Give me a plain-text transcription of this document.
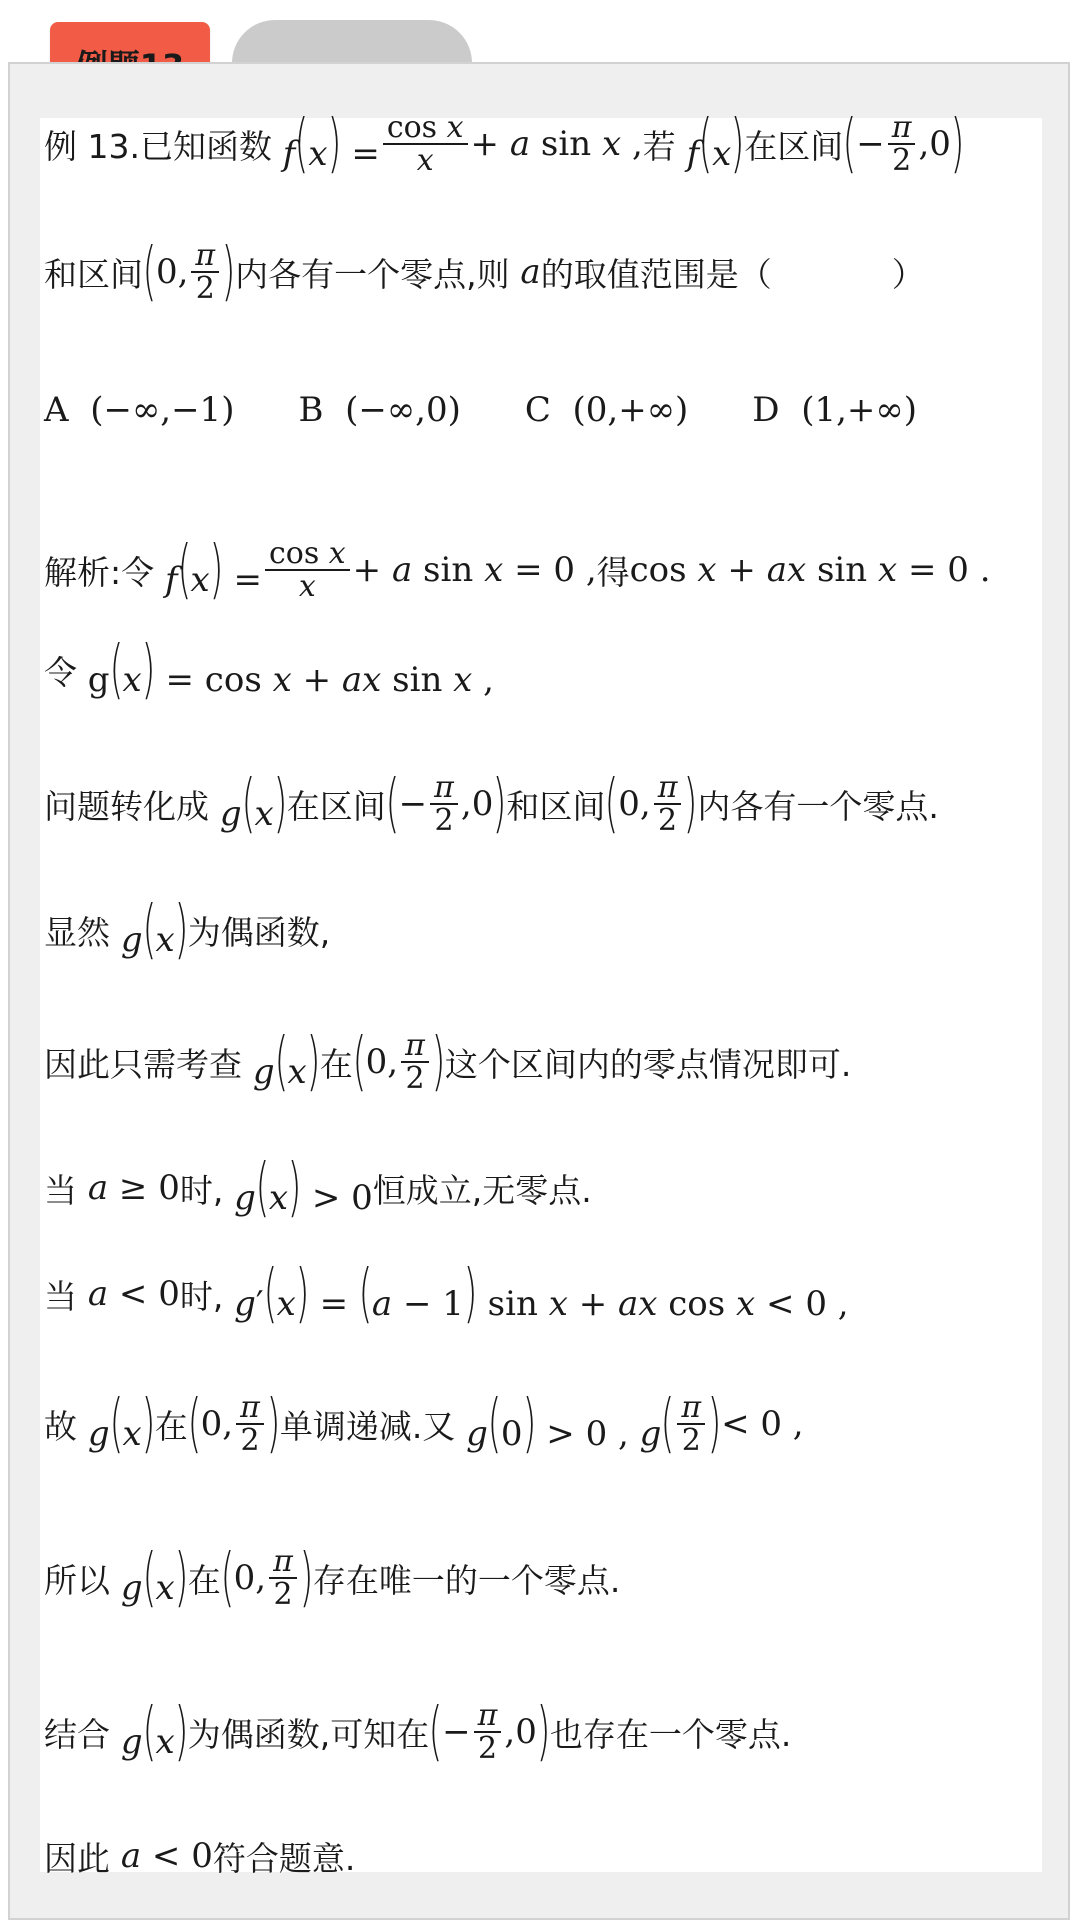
例 13.已知函数 $f(x) = \frac{\text{cos x}}{x} + a$ sin x , 若 f(x) 在区间 ( − $\frac{\pi}{2} ,0$ )
和区间 ( 0, $\frac{\pi}{2}$ ) 内各有一个零点,则 a 的取值范围是（	）
A (−∞,−1) B (−∞,0) C (0,+∞) D (1,+∞)
解析:令 $f(x) = \frac{\text{cos x}}{x} + a$ sin x = 0 , 得 cos x + ax sin x = 0 .
令 g(x) = cos x + ax sin x ,
问题转化成 g(x) 在区间 ( − $\frac{\pi}{2} ,0$ ) 和区间 ( 0, $\frac{\pi}{2}$ ) 内各有一个零点.
显然 g(x) 为偶函数,
因此只需考查 g(x) 在 ( 0, $\frac{\pi}{2}$ ) 这个区间内的零点情况即可.
当 a ≥ 0 时, g(x) > 0 恒成立,无零点.
当 a < 0 时, g′(x) = (a − 1) sin x + ax cos x < 0 ,
故 g(x) 在 ( 0, $\frac{\pi}{2}$ ) 单调递减.又 g(0) > 0 , g ( $\frac{\pi}{2}$ ) < 0 ,
所以 g(x) 在 ( 0, $\frac{\pi}{2}$ ) 存在唯一的一个零点.
结合 g(x) 为偶函数,可知在 ( − $\frac{\pi}{2} ,0$ ) 也存在一个零点.
因此 a < 0 符合题意.
